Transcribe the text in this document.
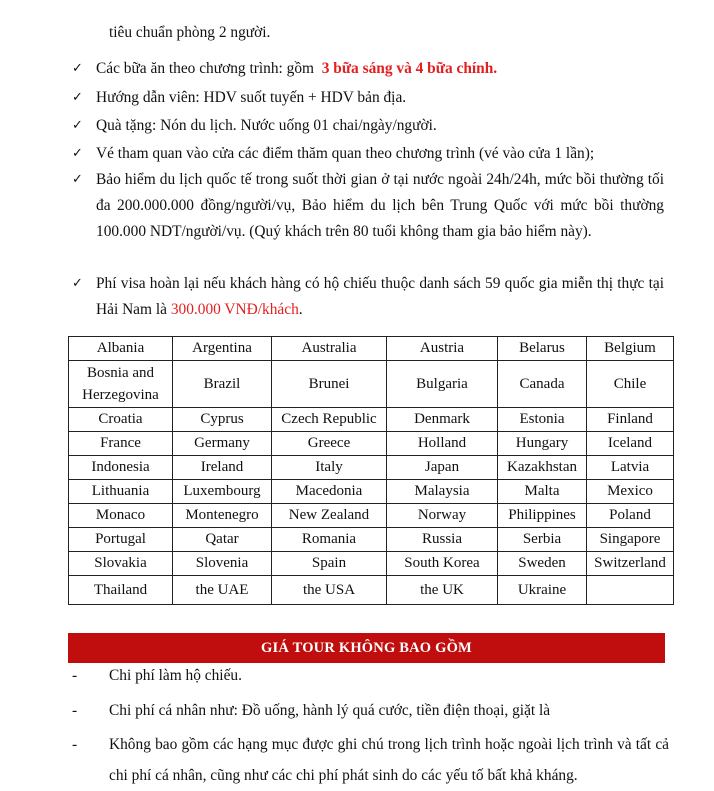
tiêu chuẩn phòng 2 người.
✓ Các bữa ăn theo chương trình: gồm 3 bữa sáng và 4 bữa chính.
✓ Hướng dẫn viên: HDV suốt tuyến + HDV bản địa.
✓ Quà tặng: Nón du lịch. Nước uống 01 chai/ngày/người.
✓ Vé tham quan vào cửa các điểm thăm quan theo chương trình (vé vào cửa 1 lần);
✓ Bảo hiểm du lịch quốc tế trong suốt thời gian ở tại nước ngoài 24h/24h, mức bồi thường tối đa 200.000.000 đồng/người/vụ, Bảo hiểm du lịch bên Trung Quốc với mức bồi thường 100.000 NDT/người/vụ. (Quý khách trên 80 tuổi không tham gia bảo hiểm này).
✓ Phí visa hoàn lại nếu khách hàng có hộ chiếu thuộc danh sách 59 quốc gia miễn thị thực tại Hải Nam là 300.000 VNĐ/khách.
Albania	Argentina	Australia	Austria	Belarus	Belgium
Bosnia and Herzegovina	Brazil	Brunei	Bulgaria	Canada	Chile
Croatia	Cyprus	Czech Republic	Denmark	Estonia	Finland
France	Germany	Greece	Holland	Hungary	Iceland
Indonesia	Ireland	Italy	Japan	Kazakhstan	Latvia
Lithuania	Luxembourg	Macedonia	Malaysia	Malta	Mexico
Monaco	Montenegro	New Zealand	Norway	Philippines	Poland
Portugal	Qatar	Romania	Russia	Serbia	Singapore
Slovakia	Slovenia	Spain	South Korea	Sweden	Switzerland
Thailand	the UAE	the USA	the UK	Ukraine	
GIÁ TOUR KHÔNG BAO GỒM
- Chi phí làm hộ chiếu.
- Chi phí cá nhân như: Đồ uống, hành lý quá cước, tiền điện thoại, giặt là
- Không bao gồm các hạng mục được ghi chú trong lịch trình hoặc ngoài lịch trình và tất cả chi phí cá nhân, cũng như các chi phí phát sinh do các yếu tố bất khả kháng.
